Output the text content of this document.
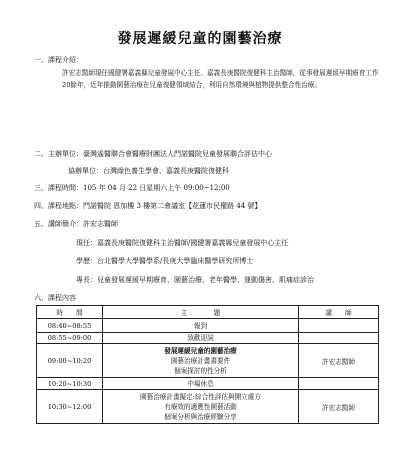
發展遲緩兒童的園藝治療
一、課程介紹：
許宏志醫師現任國健署嘉義縣兒童發展中心主任、嘉義長庚醫院復健科主治醫師，從事發展遲緩早期療育工作20餘年，近年推動園藝治療在兒童復健領域結合，利用自然環境與植物提供整合性治療。
二、主辦單位：臺灣遙醫聯合會醫療財團法人門諾醫院兒童發展聯合評估中心
協辦單位：台灣綠色養生學會、嘉義長庚醫院復健科
三、課程時間：105 年 04 月 22 日星期六上午 09:00~12:00
四、課程地點：門諾醫院 恩加樓 3 樓第二會議室【花蓮市民權路 44 號】
五、講師簡介：許宏志醫師
現任：嘉義長庚醫院復健科主治醫師/國健署嘉義縣兒童發展中心主任
學歷：台北醫學大學醫學系/長庚大學臨床醫學研究所博士
專長：兒童發展遲緩早期療育、園藝治療、老年醫學、運動傷害、肌痛症診治
六、課程內容
時　　間	主　　　　題	講　　師
08:40~08:55	報到	

08:55~09:00	致歡迎詞	

09:00~10:20	發展遲緩兒童的園藝治療
園藝治療計畫書要件
個案探討的性分析	許宏志醫師
10:20~10:30	中場休息	

10:30~12:00	園藝治療計畫擬定:綜合性評估與開立處方
有療效的適應性園藝活動
個案分析與治療經驗分享	許宏志醫師
